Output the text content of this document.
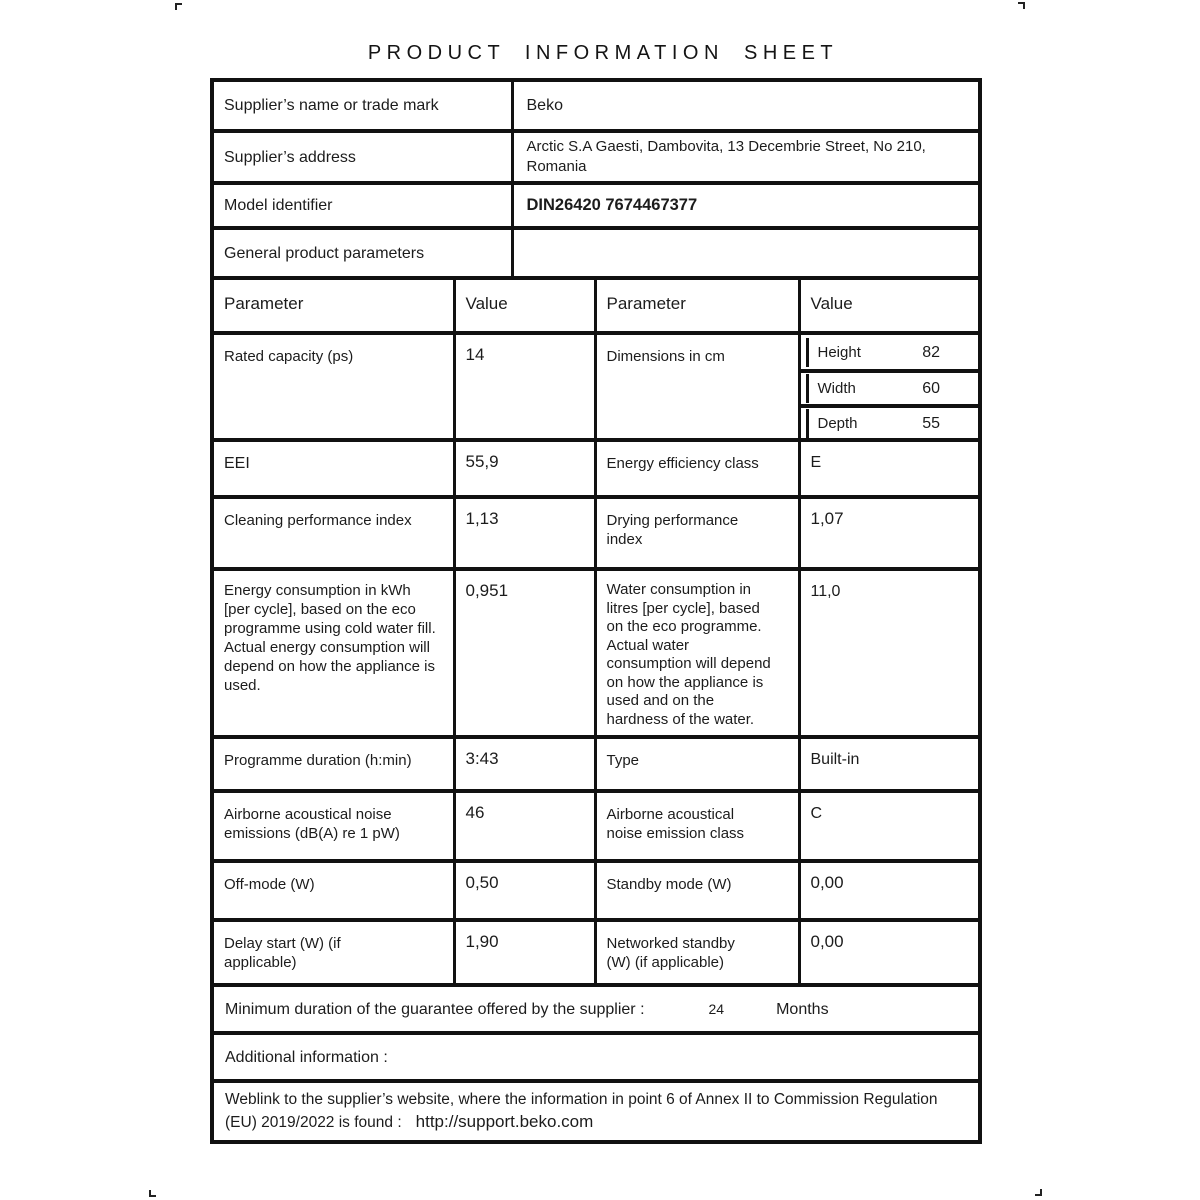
PRODUCT INFORMATION SHEET
Supplier’s name or trade mark		Beko		
Supplier’s address		Arctic S.A Gaesti, Dambovita, 13 Decembrie Street, No 210, Romania		
Model identifier		DIN26420 7674467377		
General product parameters				
Parameter	Value		Parameter	Value
Rated capacity (ps)	14		Dimensions in cm	Height 82

				Width 60

				Depth 55

EEI	55,9		Energy efficiency class	E
Cleaning performance index	1,13		Drying performance index	1,07
Energy consumption in kWh [per cycle], based on the eco programme using cold water fill. Actual energy consumption will depend on how the appliance is used.	0,951		Water consumption in litres [per cycle], based on the eco programme. Actual water consumption will depend on how the appliance is used and on the hardness of the water.	11,0
Programme duration (h:min)	3:43		Type	Built-in
Airborne acoustical noise emissions (dB(A) re 1 pW)	46		Airborne acoustical noise emission class	C
Off-mode (W)	0,50		Standby mode (W)	0,00
Delay start (W) (if applicable)	1,90		Networked standby (W) (if applicable)	0,00

Minimum duration of the guarantee offered by the supplier : 24 Months				

Additional information :				
Weblink to the supplier’s website, where the information in point 6 of Annex II to Commission Regulation (EU) 2019/2022 is found : http://support.beko.com				
